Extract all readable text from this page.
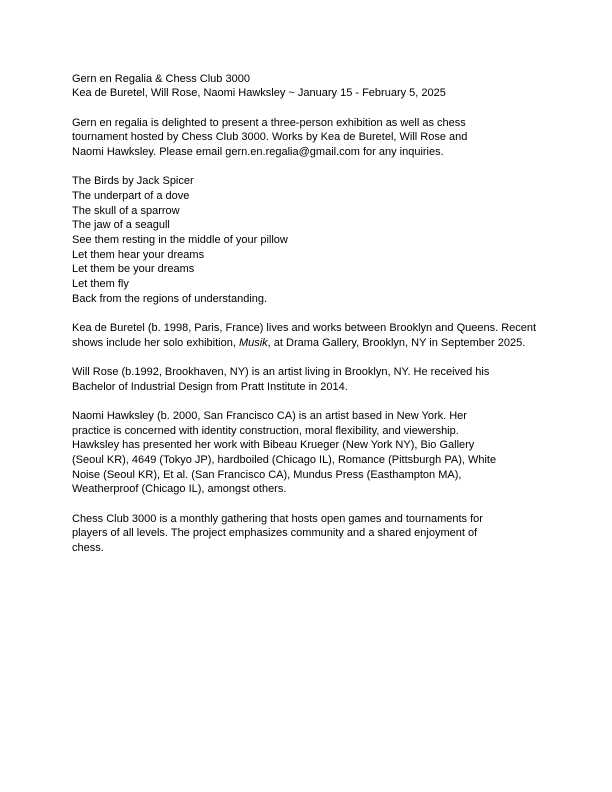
Gern en Regalia & Chess Club 3000
Kea de Buretel, Will Rose, Naomi Hawksley ~ January 15 - February 5, 2025
Gern en regalia is delighted to present a three-person exhibition as well as chess
tournament hosted by Chess Club 3000. Works by Kea de Buretel, Will Rose and
Naomi Hawksley. Please email gern.en.regalia@gmail.com for any inquiries.
The Birds by Jack Spicer
The underpart of a dove
The skull of a sparrow
The jaw of a seagull
See them resting in the middle of your pillow
Let them hear your dreams
Let them be your dreams
Let them fly
Back from the regions of understanding.
Kea de Buretel (b. 1998, Paris, France) lives and works between Brooklyn and Queens. Recent
shows include her solo exhibition, Musik, at Drama Gallery, Brooklyn, NY in September 2025.
Will Rose (b.1992, Brookhaven, NY) is an artist living in Brooklyn, NY. He received his
Bachelor of Industrial Design from Pratt Institute in 2014.
Naomi Hawksley (b. 2000, San Francisco CA) is an artist based in New York. Her
practice is concerned with identity construction, moral flexibility, and viewership.
Hawksley has presented her work with Bibeau Krueger (New York NY), Bio Gallery
(Seoul KR), 4649 (Tokyo JP), hardboiled (Chicago IL), Romance (Pittsburgh PA), White
Noise (Seoul KR), Et al. (San Francisco CA), Mundus Press (Easthampton MA),
Weatherproof (Chicago IL), amongst others.
Chess Club 3000 is a monthly gathering that hosts open games and tournaments for
players of all levels. The project emphasizes community and a shared enjoyment of
chess.
